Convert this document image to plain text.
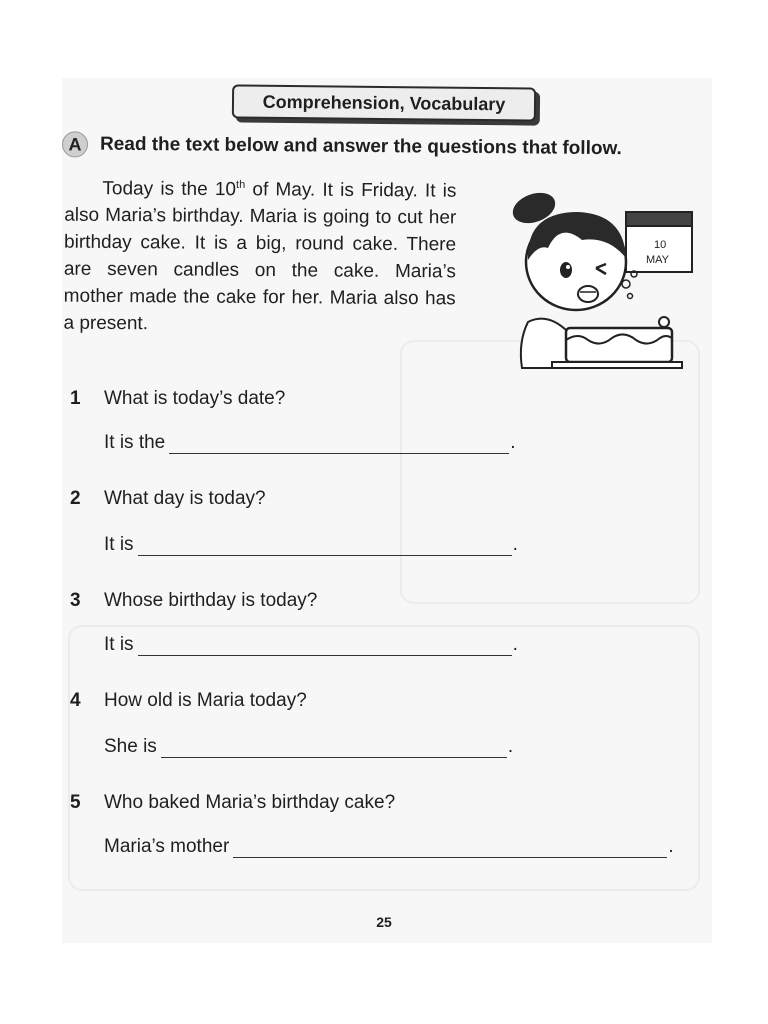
Comprehension, Vocabulary
A Read the text below and answer the questions that follow.
Today is the 10th of May. It is Friday. It is also Maria’s birthday. Maria is going to cut her birthday cake. It is a big, round cake. There are seven candles on the cake. Maria’s mother made the cake for her. Maria also has a present.
10
MAY
1 What is today’s date?
It is the	.
2 What day is today?
It is	.
3 Whose birthday is today?
It is	.
4 How old is Maria today?
She is	.
5 Who baked Maria’s birthday cake?
Maria’s mother	.
25
